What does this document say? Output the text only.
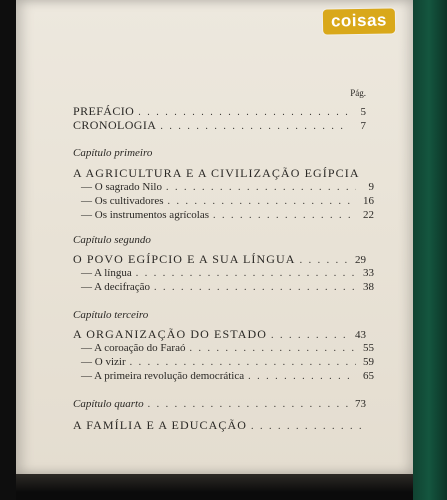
Pág.
PREFÁCIO . . .	5
CRONOLOGIA . . .	7
Capítulo primeiro
A AGRICULTURA E A CIVILIZAÇÃO EGÍPCIA
— O sagrado Nilo . . .	9
— Os cultivadores . . .	16
— Os instrumentos agrícolas . . .	22
Capítulo segundo
O POVO EGÍPCIO E A SUA LÍNGUA . . .	29
— A língua . . .	33
— A decifração . . .	38
Capítulo terceiro
A ORGANIZAÇÃO DO ESTADO . . .	43
— A coroação do Faraó . . .	55
— O vizir . . .	59
— A primeira revolução democrática . . .	65
Capítulo quarto . . .	73
A FAMÍLIA E A EDUCAÇÃO
. . .
coisas
